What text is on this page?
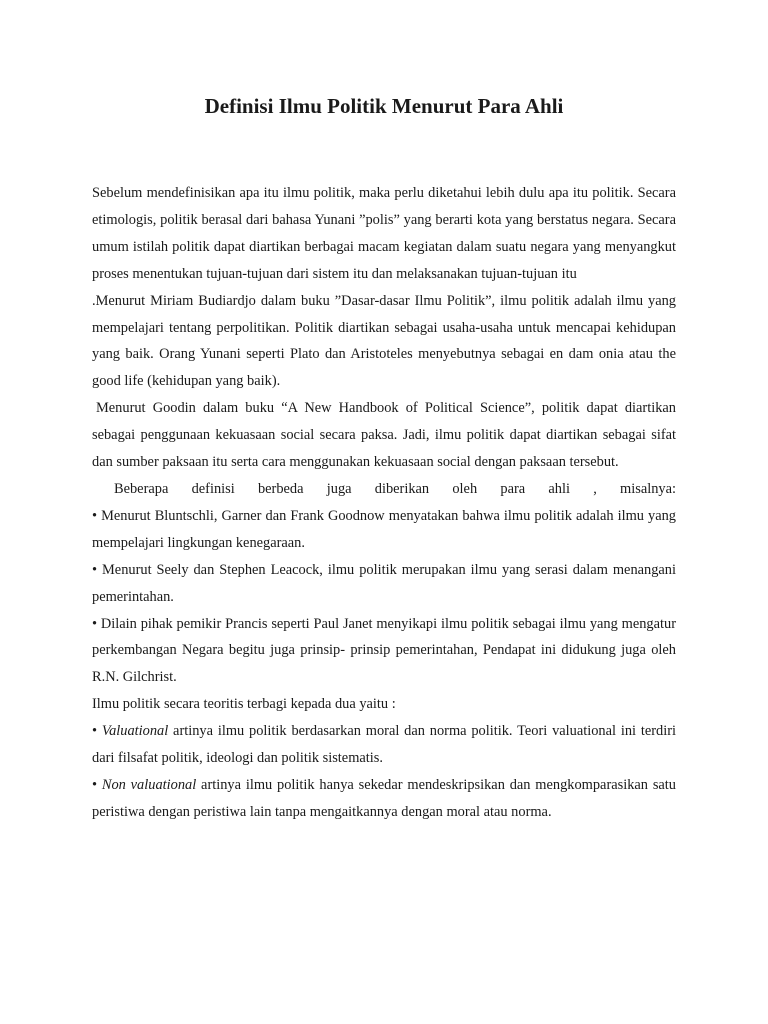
Definisi Ilmu Politik Menurut Para Ahli

Sebelum mendefinisikan apa itu ilmu politik, maka perlu diketahui lebih dulu apa itu politik. Secara etimologis, politik berasal dari bahasa Yunani ”polis” yang berarti kota yang berstatus negara. Secara umum istilah politik dapat diartikan berbagai macam kegiatan dalam suatu negara yang menyangkut proses menentukan tujuan-tujuan dari sistem itu dan melaksanakan tujuan-tujuan itu

.Menurut Miriam Budiardjo dalam buku ”Dasar-dasar Ilmu Politik”, ilmu politik adalah ilmu yang mempelajari tentang perpolitikan. Politik diartikan sebagai usaha-usaha untuk mencapai kehidupan yang baik. Orang Yunani seperti Plato dan Aristoteles menyebutnya sebagai en dam onia atau the good life (kehidupan yang baik).

Menurut Goodin dalam buku “A New Handbook of Political Science”, politik dapat diartikan sebagai penggunaan kekuasaan social secara paksa. Jadi, ilmu politik dapat diartikan sebagai sifat dan sumber paksaan itu serta cara menggunakan kekuasaan social dengan paksaan tersebut.

Beberapa definisi berbeda juga diberikan oleh para ahli , misalnya:

• Menurut Bluntschli, Garner dan Frank Goodnow menyatakan bahwa ilmu politik adalah ilmu yang mempelajari lingkungan kenegaraan.

• Menurut Seely dan Stephen Leacock, ilmu politik merupakan ilmu yang serasi dalam menangani pemerintahan.

• Dilain pihak pemikir Prancis seperti Paul Janet menyikapi ilmu politik sebagai ilmu yang mengatur perkembangan Negara begitu juga prinsip- prinsip pemerintahan, Pendapat ini didukung juga oleh R.N. Gilchrist.

Ilmu politik secara teoritis terbagi kepada dua yaitu :

• Valuational artinya ilmu politik berdasarkan moral dan norma politik. Teori valuational ini terdiri dari filsafat politik, ideologi dan politik sistematis.

• Non valuational artinya ilmu politik hanya sekedar mendeskripsikan dan mengkomparasikan satu peristiwa dengan peristiwa lain tanpa mengaitkannya dengan moral atau norma.
